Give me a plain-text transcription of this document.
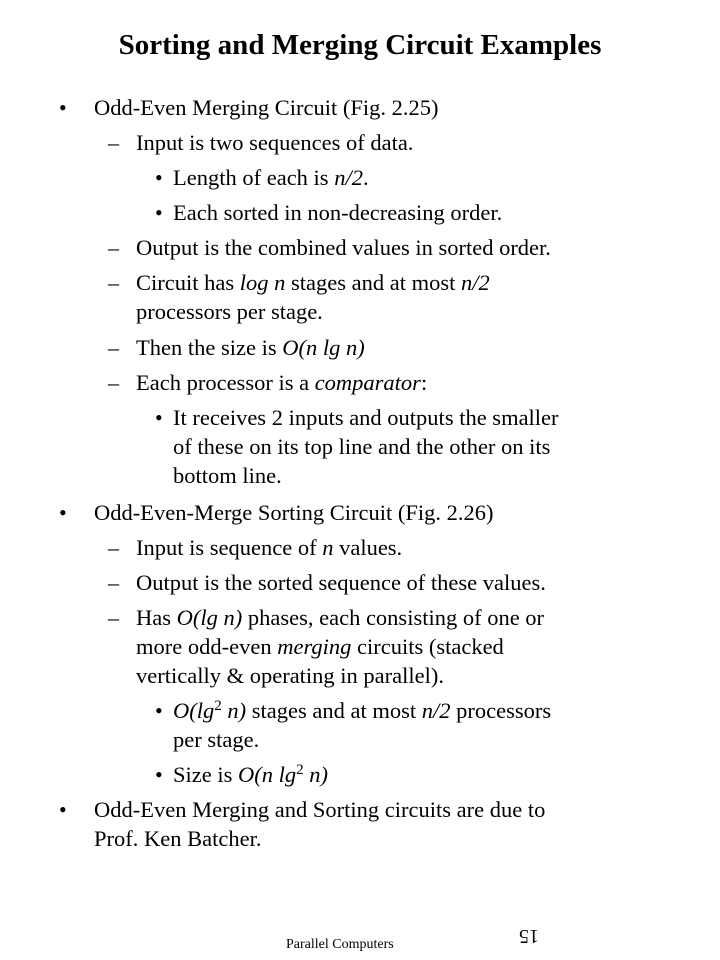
Sorting and Merging Circuit Examples
• Odd-Even Merging Circuit (Fig. 2.25)
– Input is two sequences of data.
• Length of each is n/2.
• Each sorted in non-decreasing order.
– Output is the combined values in sorted order.
– Circuit has log n stages and at most n/2
processors per stage.
– Then the size is O(n lg n)
– Each processor is a comparator:
• It receives 2 inputs and outputs the smaller
of these on its top line and the other on its
bottom line.
• Odd-Even-Merge Sorting Circuit (Fig. 2.26)
– Input is sequence of n values.
– Output is the sorted sequence of these values.
– Has O(lg n) phases, each consisting of one or
more odd-even merging circuits (stacked
vertically & operating in parallel).
• $O(\lg^2$ n) stages and at most n/2 processors
per stage.
• Size is O(n $\lg^2 n$)
• Odd-Even Merging and Sorting circuits are due to
Prof. Ken Batcher.
Parallel Computers	15
